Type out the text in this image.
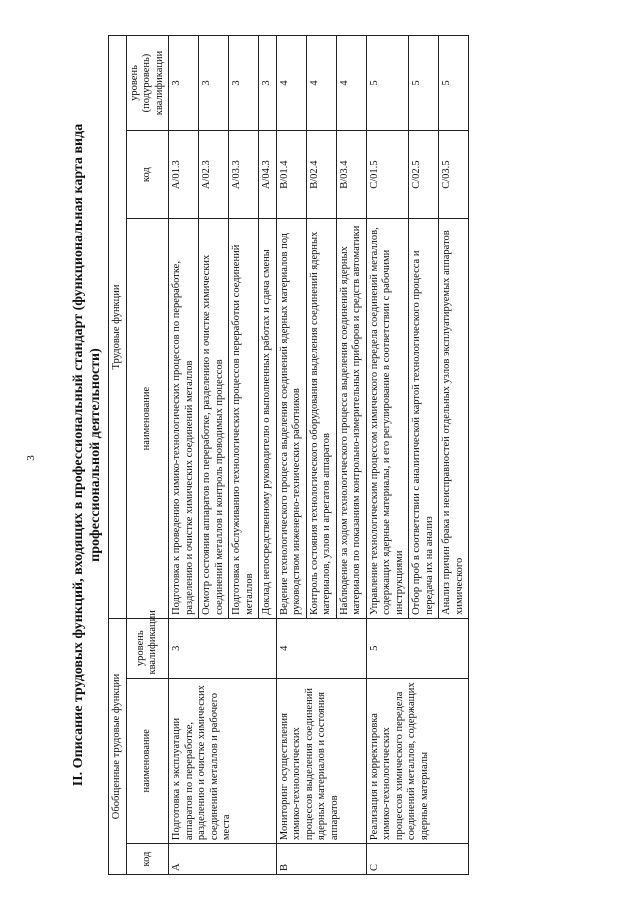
3 II. Описание трудовых функций, входящих в профессиональный стандарт (функциональная карта вида профессиональной деятельности)
Обобщенные трудовые функции			Трудовые функции		
код	наименование	уровень квалификации	наименование	код	уровень (подуровень) квалификации
А	Подготовка к эксплуатации аппаратов по переработке, разделению и очистке химических соединений металлов и рабочего места	3	Подготовка к проведению химико-технологических процессов по переработке, разделению и очистке химических соединений металлов	А/01.3	3
			Осмотр состояния аппаратов по переработке, разделению и очистке химических соединений металлов и контроль проводимых процессов	А/02.3	3
			Подготовка к обслуживанию технологических процессов переработки соединений металлов	А/03.3	3
			Доклад непосредственному руководителю о выполненных работах и сдача смены	А/04.3	3
В	Мониторинг осуществления химико-технологических процессов выделения соединений ядерных материалов и состояния аппаратов	4	Ведение технологического процесса выделения соединений ядерных материалов под руководством инженерно-технических работников	В/01.4	4
			Контроль состояния технологического оборудования выделения соединений ядерных материалов, узлов и агрегатов аппаратов	В/02.4	4
			Наблюдение за ходом технологического процесса выделения соединений ядерных материалов по показаниям контрольно-измерительных приборов и средств автоматики	В/03.4	4
С	Реализация и корректировка химико-технологических процессов химического передела соединений металлов, содержащих ядерные материалы	5	Управление технологическим процессом химического передела соединений металлов, содержащих ядерные материалы, и его регулирование в соответствии с рабочими инструкциями	С/01.5	5
			Отбор проб в соответствии с аналитической картой технологического процесса и передача их на анализ	С/02.5	5
			Анализ причин брака и неисправностей отдельных узлов эксплуатируемых аппаратов химического	С/03.5	5
